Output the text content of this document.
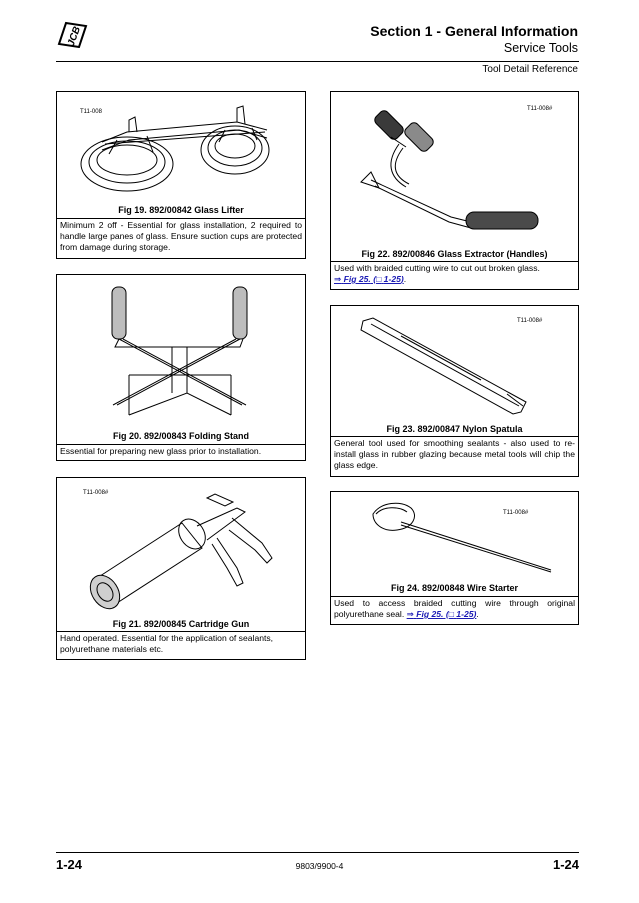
JCB	Section 1 - General Information
Service Tools
Tool Detail Reference
T11-008
Fig 19. 892/00842 Glass Lifter
Minimum 2 off - Essential for glass installation, 2 required to handle large panes of glass. Ensure suction cups are protected from damage during storage.
Fig 20. 892/00843 Folding Stand
Essential for preparing new glass prior to installation.
T11-008#
Fig 21. 892/00845 Cartridge Gun
Hand operated. Essential for the application of sealants, polyurethane materials etc.
T11-008#
Fig 22. 892/00846 Glass Extractor (Handles)
Used with braided cutting wire to cut out broken glass.
⇒ Fig 25. (□ 1-25).
T11-008#
Fig 23. 892/00847 Nylon Spatula
General tool used for smoothing sealants - also used to re-install glass in rubber glazing because metal tools will chip the glass edge.
T11-008#
Fig 24. 892/00848 Wire Starter
Used to access braided cutting wire through original polyurethane seal. ⇒ Fig 25. (□ 1-25).
1-24	9803/9900-4	1-24
